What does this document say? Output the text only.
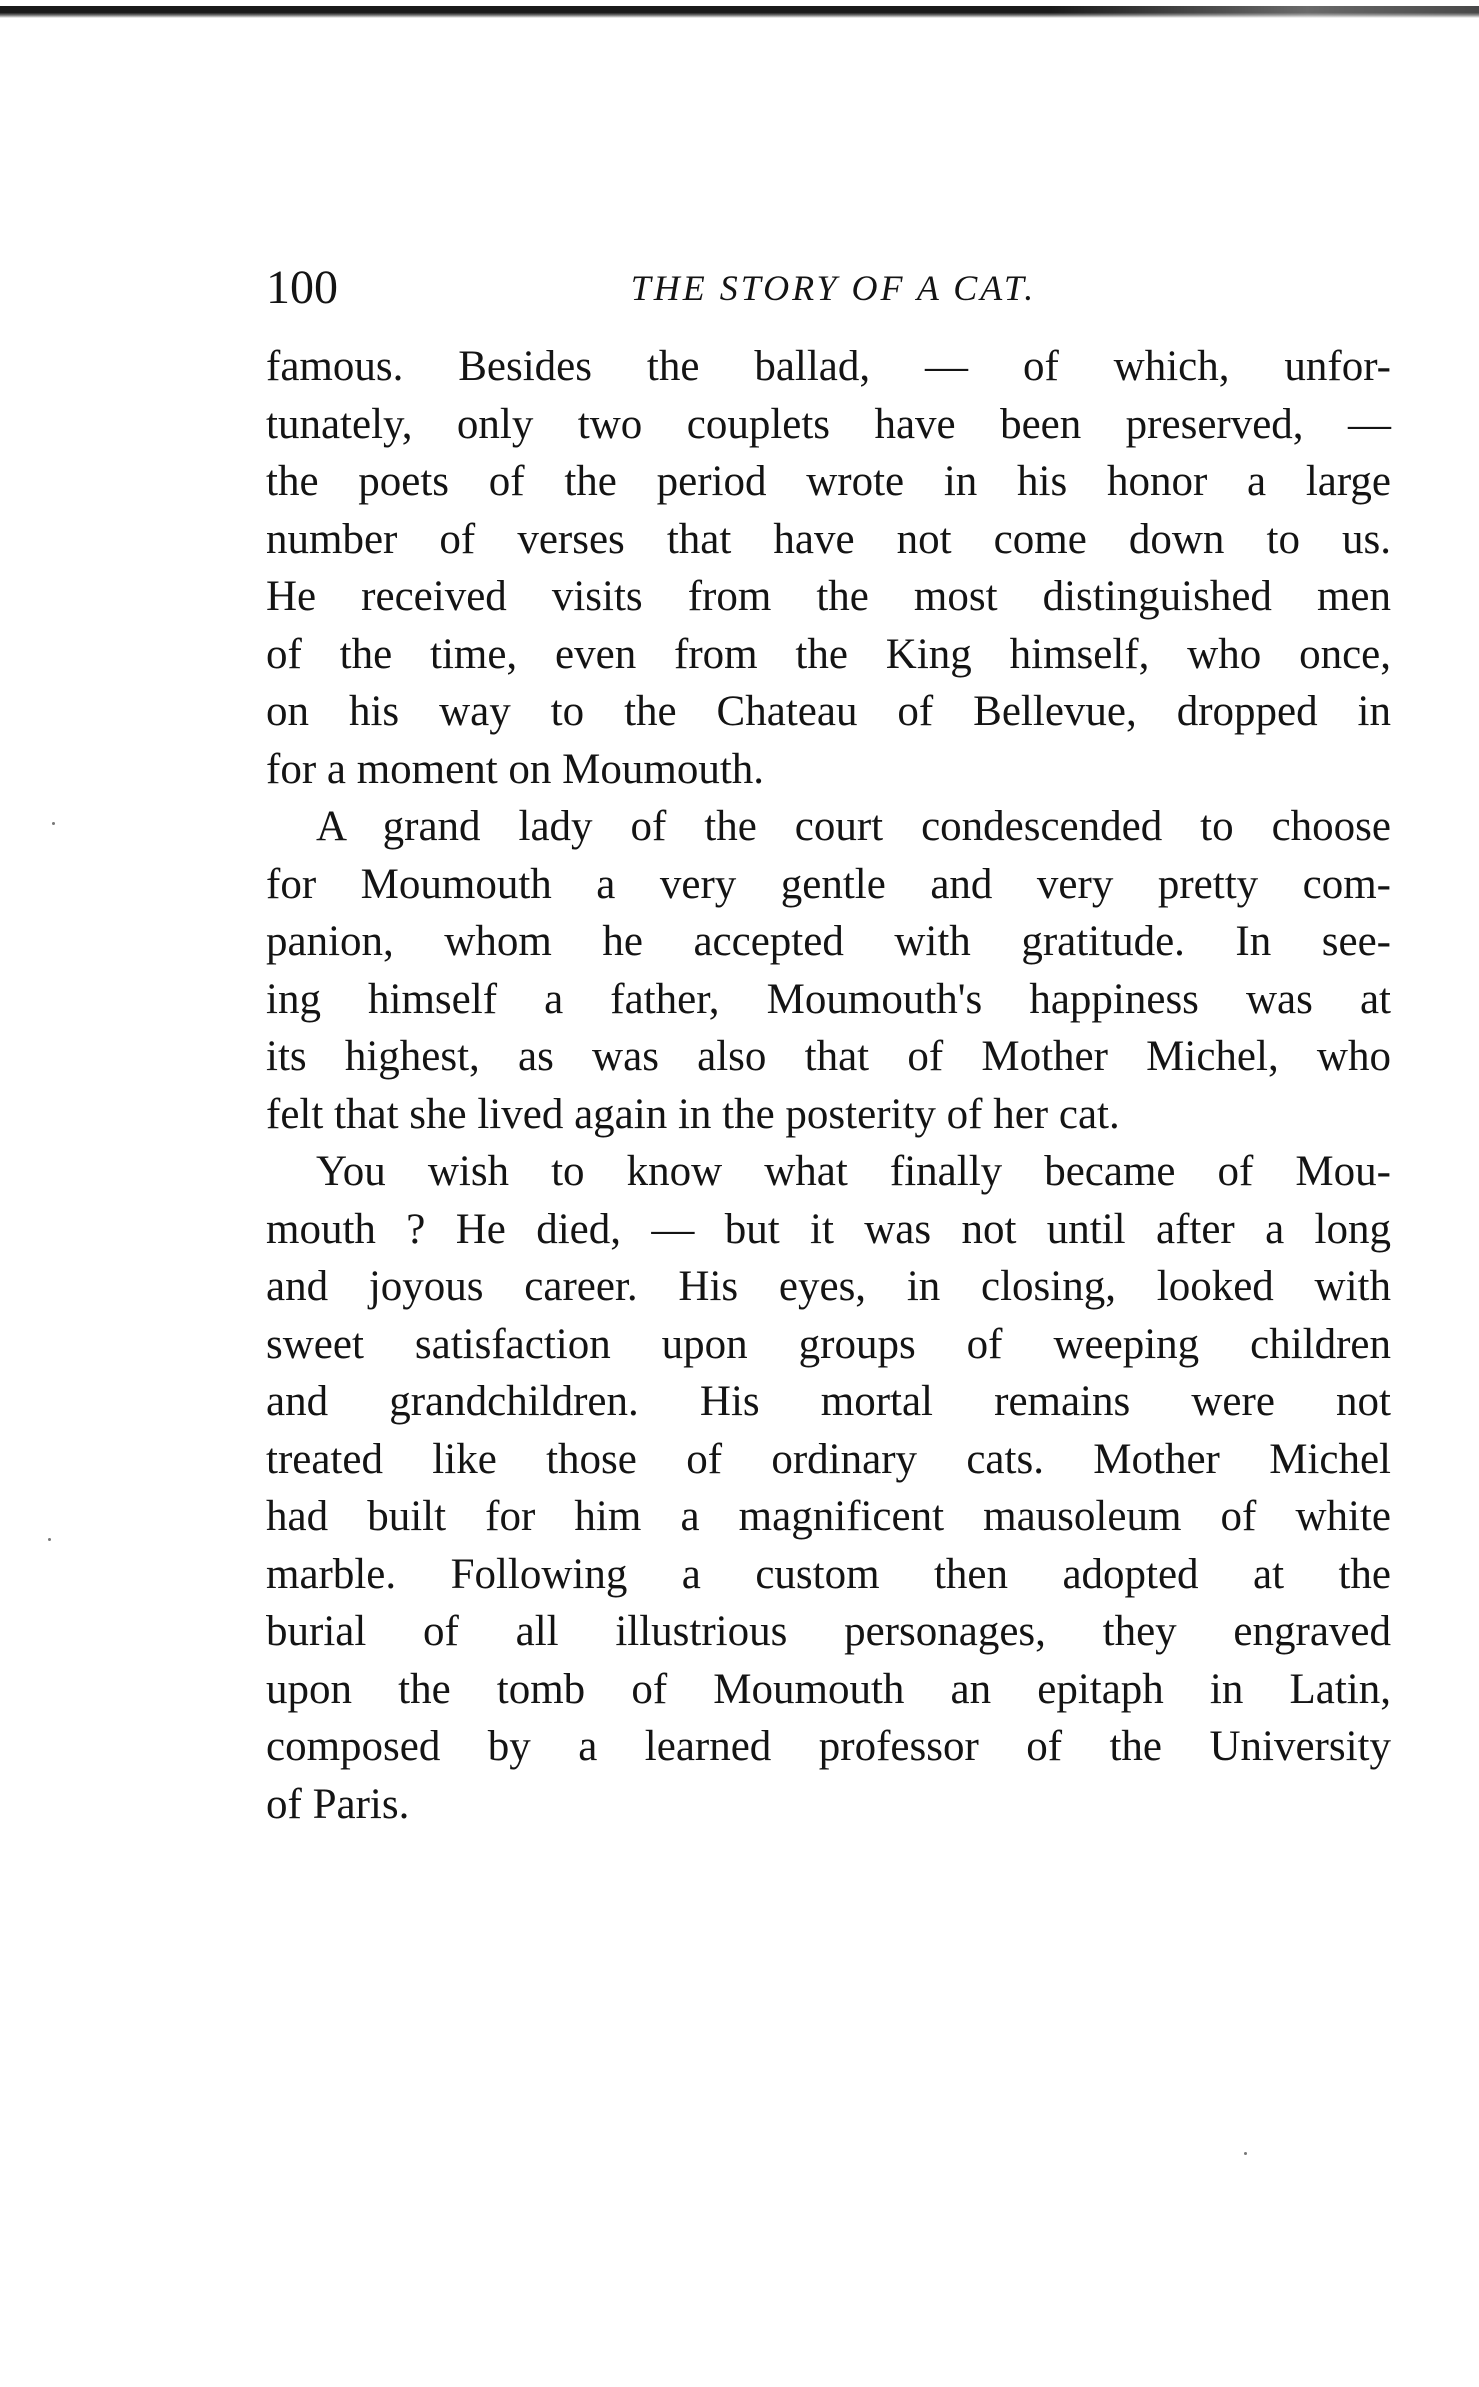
100	THE STORY OF A CAT.
famous. Besides the ballad, — of which, unfor-
tunately, only two couplets have been preserved, —
the poets of the period wrote in his honor a large
number of verses that have not come down to us.
He received visits from the most distinguished men
of the time, even from the King himself, who once,
on his way to the Chateau of Bellevue, dropped in
for a moment on Moumouth.
A grand lady of the court condescended to choose
for Moumouth a very gentle and very pretty com-
panion, whom he accepted with gratitude. In see-
ing himself a father, Moumouth's happiness was at
its highest, as was also that of Mother Michel, who
felt that she lived again in the posterity of her cat.
You wish to know what finally became of Mou-
mouth ? He died, — but it was not until after a long
and joyous career. His eyes, in closing, looked with
sweet satisfaction upon groups of weeping children
and grandchildren. His mortal remains were not
treated like those of ordinary cats. Mother Michel
had built for him a magnificent mausoleum of white
marble. Following a custom then adopted at the
burial of all illustrious personages, they engraved
upon the tomb of Moumouth an epitaph in Latin,
composed by a learned professor of the University
of Paris.
